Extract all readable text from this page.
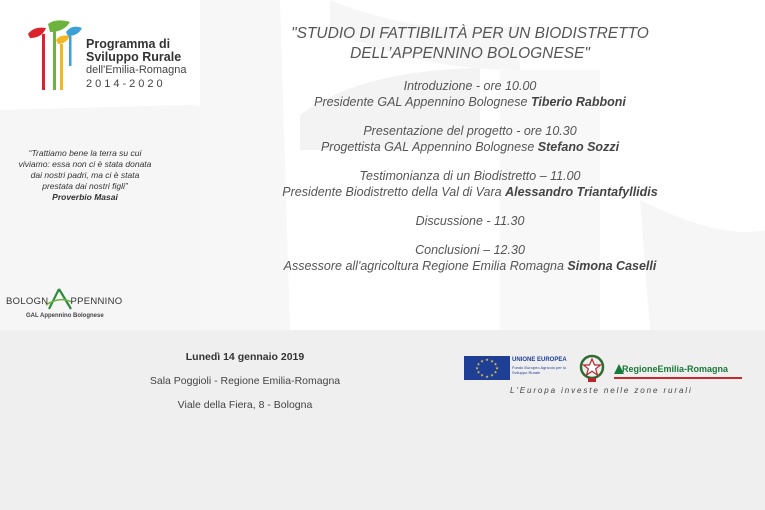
Programma di
Sviluppo Rurale
dell'Emilia-Romagna
2014-2020
“Trattiamo bene la terra su cui
viviamo: essa non ci è stata donata
dai nostri padri, ma ci è stata
prestata dai nostri figli”
Proverbio Masai
BOLOGN PPENNINO
GAL Appennino Bolognese
"STUDIO DI FATTIBILITÀ PER UN BIODISTRETTO
DELL’APPENNINO BOLOGNESE"
Introduzione - ore 10.00
Presidente GAL Appennino Bolognese Tiberio Rabboni
Presentazione del progetto - ore 10.30
Progettista GAL Appennino Bolognese Stefano Sozzi
Testimonianza di un Biodistretto – 11.00
Presidente Biodistretto della Val di Vara Alessandro Triantafyllidis
Discussione - 11.30
Conclusioni – 12.30
Assessore all'agricoltura Regione Emilia Romagna Simona Caselli
Lunedì 14 gennaio 2019
Sala Poggioli - Regione Emilia-Romagna
Viale della Fiera, 8 - Bologna
★ ★
★
★
★
★
★
★
★
★
★
★	UNIONE EUROPEA
Fondo Europeo Agricolo per lo Sviluppo Rurale	RegioneEmilia-Romagna
L'Europa investe nelle zone rurali
